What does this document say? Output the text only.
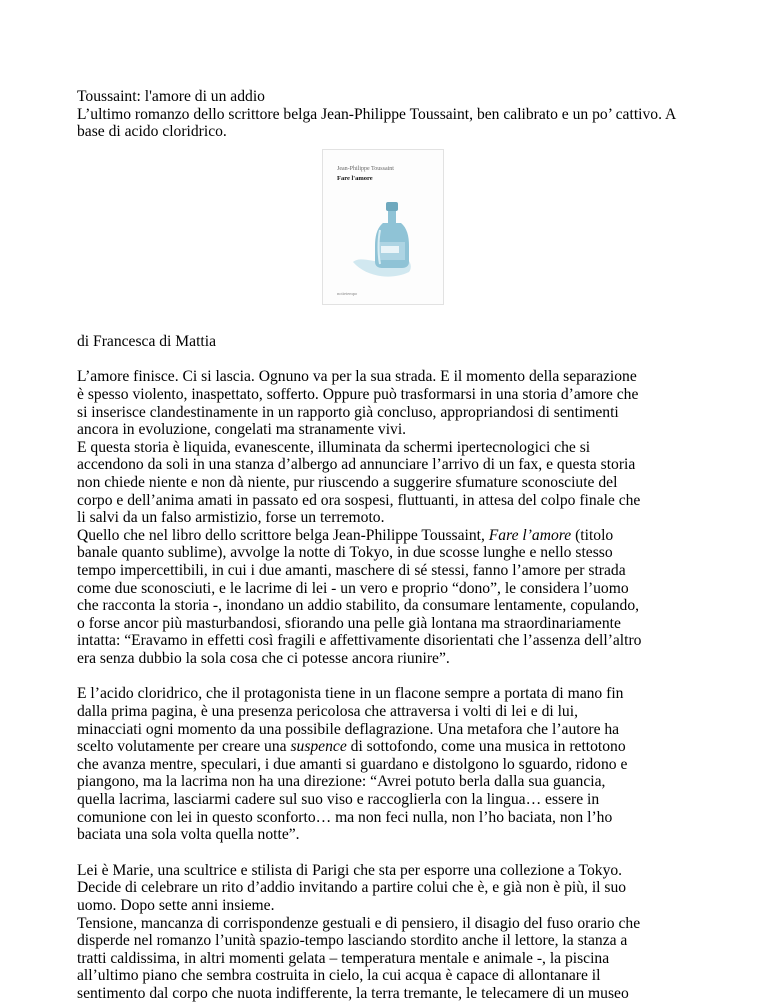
Toussaint: l'amore di un addio

L’ultimo romanzo dello scrittore belga Jean-Philippe Toussaint, ben calibrato e un po’ cattivo. A base di acido cloridrico.

Jean-Philippe Toussaint
Fare l'amore
nottetempo

di Francesca di Mattia

L’amore finisce. Ci si lascia. Ognuno va per la sua strada. E il momento della separazione

è spesso violento, inaspettato, sofferto. Oppure può trasformarsi in una storia d’amore che

si inserisce clandestinamente in un rapporto già concluso, appropriandosi di sentimenti

ancora in evoluzione, congelati ma stranamente vivi.

E questa storia è liquida, evanescente, illuminata da schermi ipertecnologici che si

accendono da soli in una stanza d’albergo ad annunciare l’arrivo di un fax, e questa storia

non chiede niente e non dà niente, pur riuscendo a suggerire sfumature sconosciute del

corpo e dell’anima amati in passato ed ora sospesi, fluttuanti, in attesa del colpo finale che

li salvi da un falso armistizio, forse un terremoto.

Quello che nel libro dello scrittore belga Jean-Philippe Toussaint, Fare l’amore (titolo

banale quanto sublime), avvolge la notte di Tokyo, in due scosse lunghe e nello stesso

tempo impercettibili, in cui i due amanti, maschere di sé stessi, fanno l’amore per strada

come due sconosciuti, e le lacrime di lei - un vero e proprio “dono”, le considera l’uomo

che racconta la storia -, inondano un addio stabilito, da consumare lentamente, copulando,

o forse ancor più masturbandosi, sfiorando una pelle già lontana ma straordinariamente

intatta: “Eravamo in effetti così fragili e affettivamente disorientati che l’assenza dell’altro

era senza dubbio la sola cosa che ci potesse ancora riunire”.

E l’acido cloridrico, che il protagonista tiene in un flacone sempre a portata di mano fin

dalla prima pagina, è una presenza pericolosa che attraversa i volti di lei e di lui,

minacciati ogni momento da una possibile deflagrazione. Una metafora che l’autore ha

scelto volutamente per creare una suspence di sottofondo, come una musica in rettotono

che avanza mentre, speculari, i due amanti si guardano e distolgono lo sguardo, ridono e

piangono, ma la lacrima non ha una direzione: “Avrei potuto berla dalla sua guancia,

quella lacrima, lasciarmi cadere sul suo viso e raccoglierla con la lingua… essere in

comunione con lei in questo sconforto… ma non feci nulla, non l’ho baciata, non l’ho

baciata una sola volta quella notte”.

Lei è Marie, una scultrice e stilista di Parigi che sta per esporre una collezione a Tokyo.

Decide di celebrare un rito d’addio invitando a partire colui che è, e già non è più, il suo

uomo. Dopo sette anni insieme.

Tensione, mancanza di corrispondenze gestuali e di pensiero, il disagio del fuso orario che

disperde nel romanzo l’unità spazio-tempo lasciando stordito anche il lettore, la stanza a

tratti caldissima, in altri momenti gelata – temperatura mentale e animale -, la piscina

all’ultimo piano che sembra costruita in cielo, la cui acqua è capace di allontanare il

sentimento dal corpo che nuota indifferente, la terra tremante, le telecamere di un museo
